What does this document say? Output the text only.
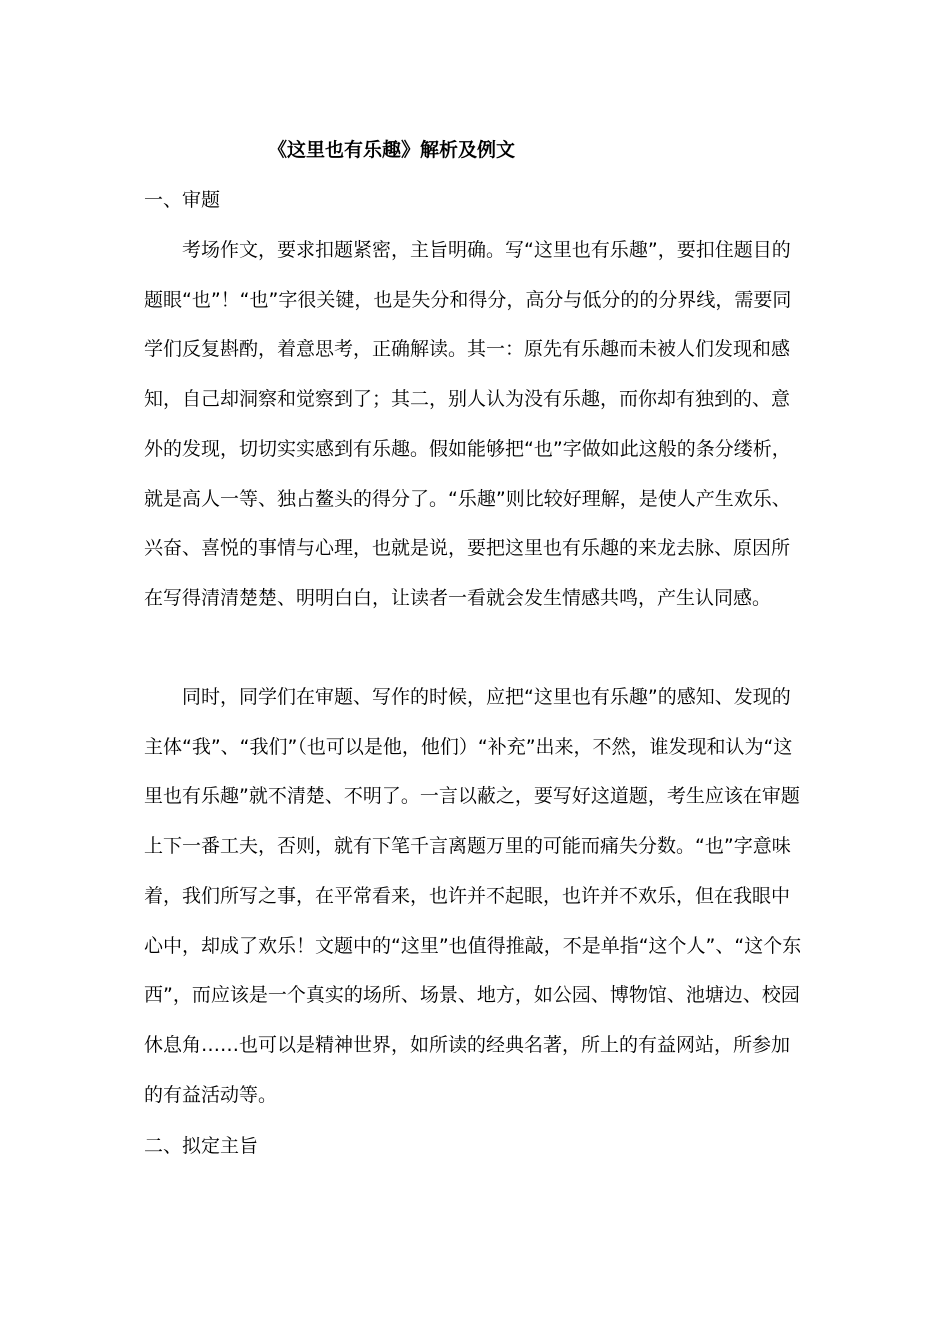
《这里也有乐趣》解析及例文
一、审题

考场作文，要求扣题紧密，主旨明确。写“这里也有乐趣”，要扣住题目的题眼“也”！“也”字很关键，也是失分和得分，高分与低分的的分界线，需要同学们反复斟酌，着意思考，正确解读。其一：原先有乐趣而未被人们发现和感知，自己却洞察和觉察到了；其二，别人认为没有乐趣，而你却有独到的、意外的发现，切切实实感到有乐趣。假如能够把“也”字做如此这般的条分缕析，就是高人一等、独占鳌头的得分了。“乐趣”则比较好理解，是使人产生欢乐、兴奋、喜悦的事情与心理，也就是说，要把这里也有乐趣的来龙去脉、原因所在写得清清楚楚、明明白白，让读者一看就会发生情感共鸣，产生认同感。

同时，同学们在审题、写作的时候，应把“这里也有乐趣”的感知、发现的主体“我”、“我们”（也可以是他，他们）“补充”出来，不然，谁发现和认为“这里也有乐趣”就不清楚、不明了。一言以蔽之，要写好这道题，考生应该在审题上下一番工夫，否则，就有下笔千言离题万里的可能而痛失分数。“也”字意味着，我们所写之事，在平常看来，也许并不起眼，也许并不欢乐，但在我眼中心中，却成了欢乐！文题中的“这里”也值得推敲，不是单指“这个人”、“这个东西”，而应该是一个真实的场所、场景、地方，如公园、博物馆、池塘边、校园休息角……也可以是精神世界，如所读的经典名著，所上的有益网站，所参加的有益活动等。

二、拟定主旨
